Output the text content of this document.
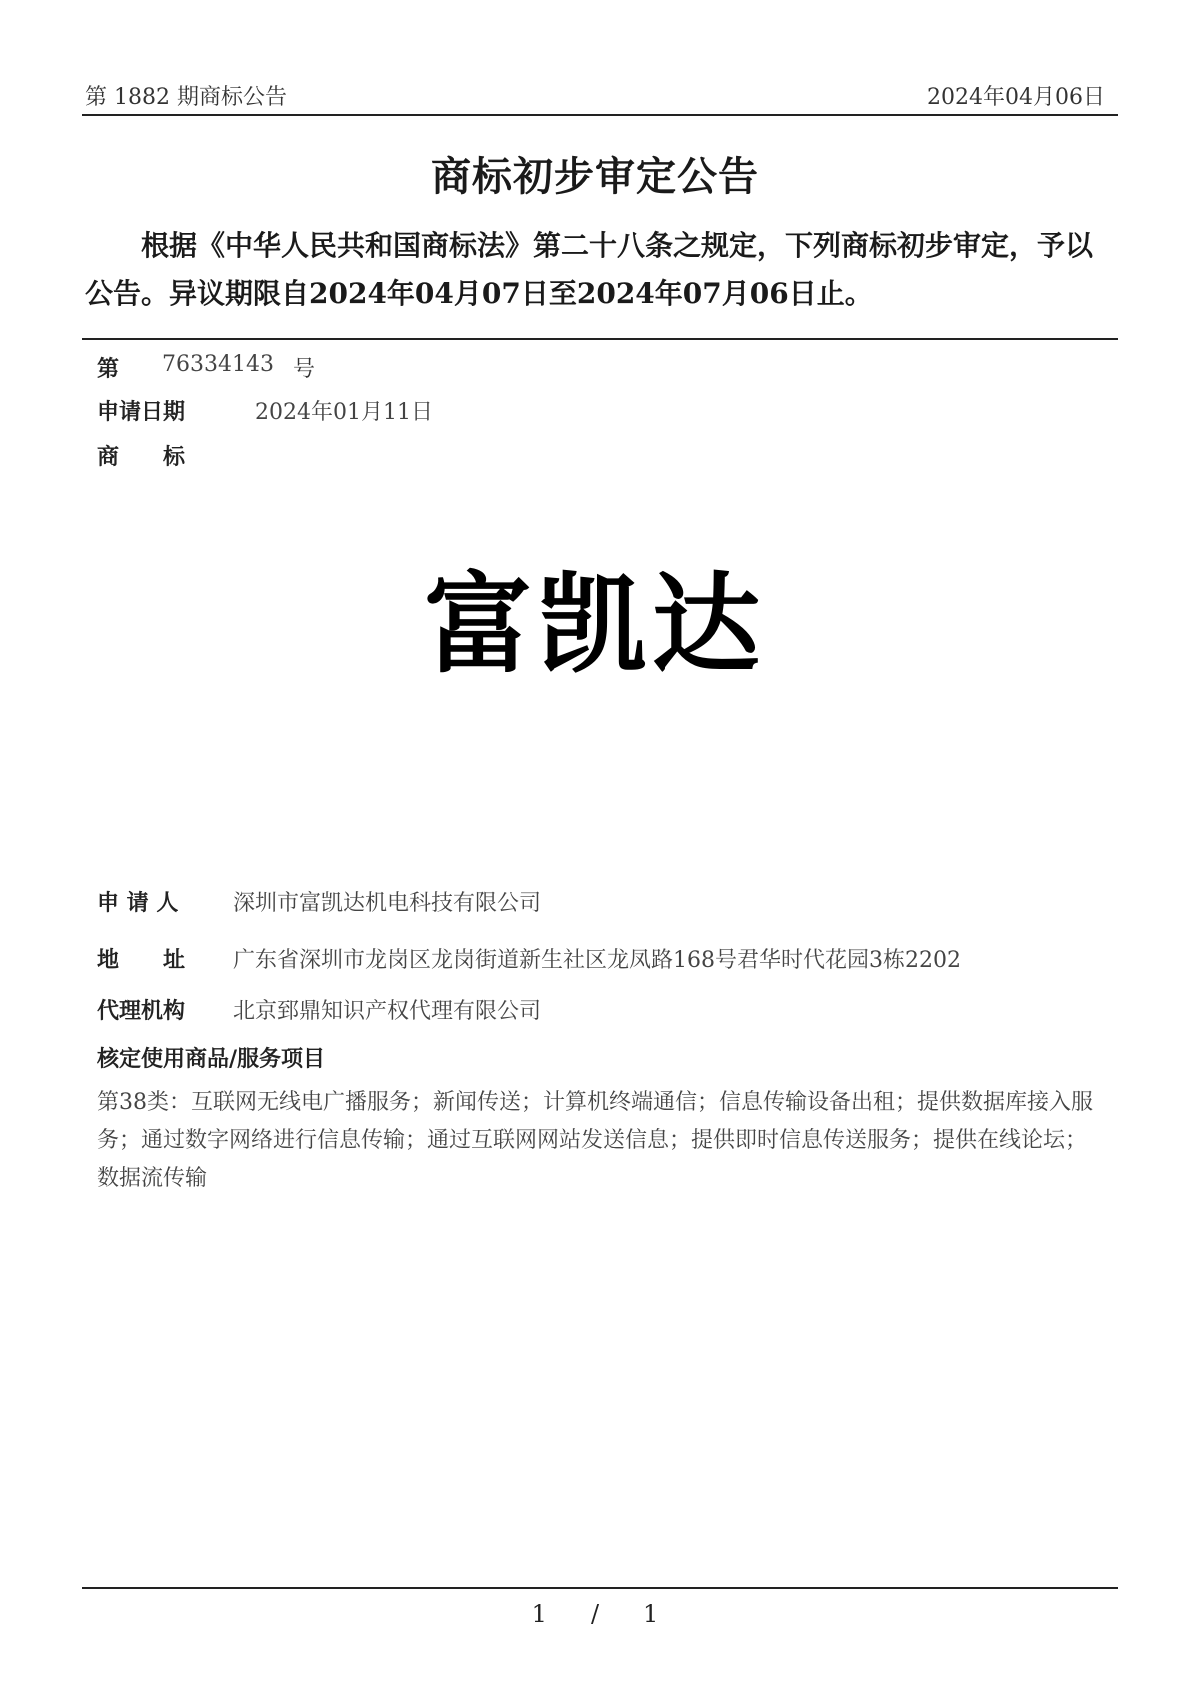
第 1882 期商标公告	2024年04月06日
商标初步审定公告
根据《中华人民共和国商标法》第二十八条之规定，下列商标初步审定，予以公告。异议期限自2024年04月07日至2024年07月06日止。
第 76334143 号
申请日期	2024年01月11日
商　　标
富凯达
申 请 人 深圳市富凯达机电科技有限公司
地　　址 广东省深圳市龙岗区龙岗街道新生社区龙凤路168号君华时代花园3栋2202
代理机构 北京郅鼎知识产权代理有限公司
核定使用商品/服务项目
第38类：互联网无线电广播服务；新闻传送；计算机终端通信；信息传输设备出租；提供数据库接入服务；通过数字网络进行信息传输；通过互联网网站发送信息；提供即时信息传送服务；提供在线论坛；数据流传输
1 / 1
